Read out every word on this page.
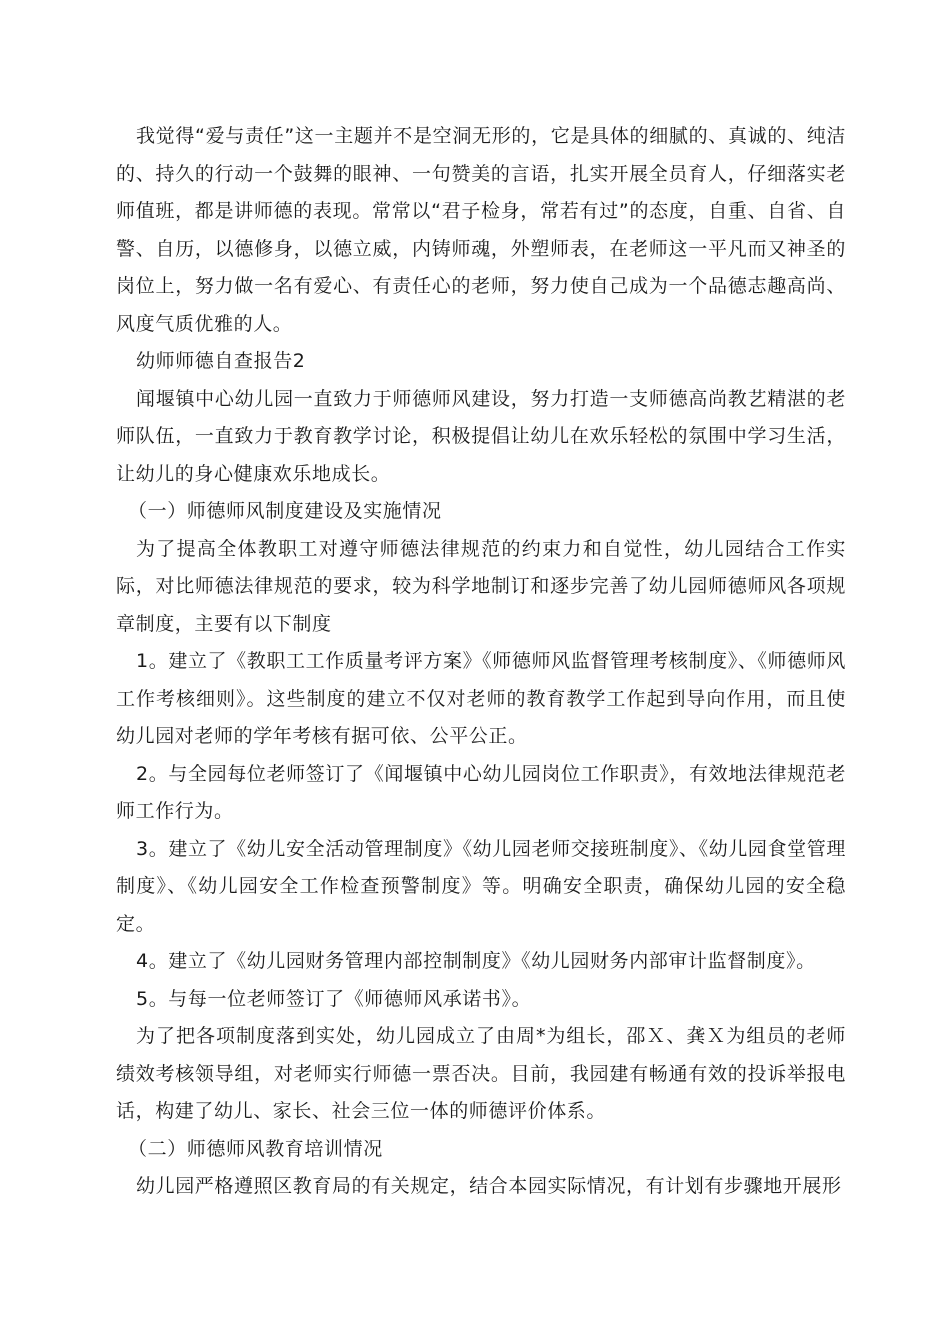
我觉得“爱与责任”这一主题并不是空洞无形的，它是具体的细腻的、真诚的、纯洁的、持久的行动一个鼓舞的眼神、一句赞美的言语，扎实开展全员育人，仔细落实老师值班，都是讲师德的表现。常常以“君子检身，常若有过”的态度，自重、自省、自警、自历，以德修身，以德立威，内铸师魂，外塑师表，在老师这一平凡而又神圣的岗位上，努力做一名有爱心、有责任心的老师，努力使自己成为一个品德志趣高尚、风度气质优雅的人。

幼师师德自查报告2

闻堰镇中心幼儿园一直致力于师德师风建设，努力打造一支师德高尚教艺精湛的老师队伍，一直致力于教育教学讨论，积极提倡让幼儿在欢乐轻松的氛围中学习生活，让幼儿的身心健康欢乐地成长。

（一）师德师风制度建设及实施情况

为了提高全体教职工对遵守师德法律规范的约束力和自觉性，幼儿园结合工作实际，对比师德法律规范的要求，较为科学地制订和逐步完善了幼儿园师德师风各项规章制度，主要有以下制度

1。建立了《教职工工作质量考评方案》《师德师风监督管理考核制度》、《师德师风工作考核细则》。这些制度的建立不仅对老师的教育教学工作起到导向作用，而且使幼儿园对老师的学年考核有据可依、公平公正。

2。与全园每位老师签订了《闻堰镇中心幼儿园岗位工作职责》，有效地法律规范老师工作行为。

3。建立了《幼儿安全活动管理制度》《幼儿园老师交接班制度》、《幼儿园食堂管理制度》、《幼儿园安全工作检查预警制度》等。明确安全职责，确保幼儿园的安全稳定。

4。建立了《幼儿园财务管理内部控制制度》《幼儿园财务内部审计监督制度》。

5。与每一位老师签订了《师德师风承诺书》。

为了把各项制度落到实处，幼儿园成立了由周*为组长，邵Ｘ、龚Ｘ为组员的老师绩效考核领导组，对老师实行师德一票否决。目前，我园建有畅通有效的投诉举报电话，构建了幼儿、家长、社会三位一体的师德评价体系。

（二）师德师风教育培训情况

幼儿园严格遵照区教育局的有关规定，结合本园实际情况，有计划有步骤地开展形
